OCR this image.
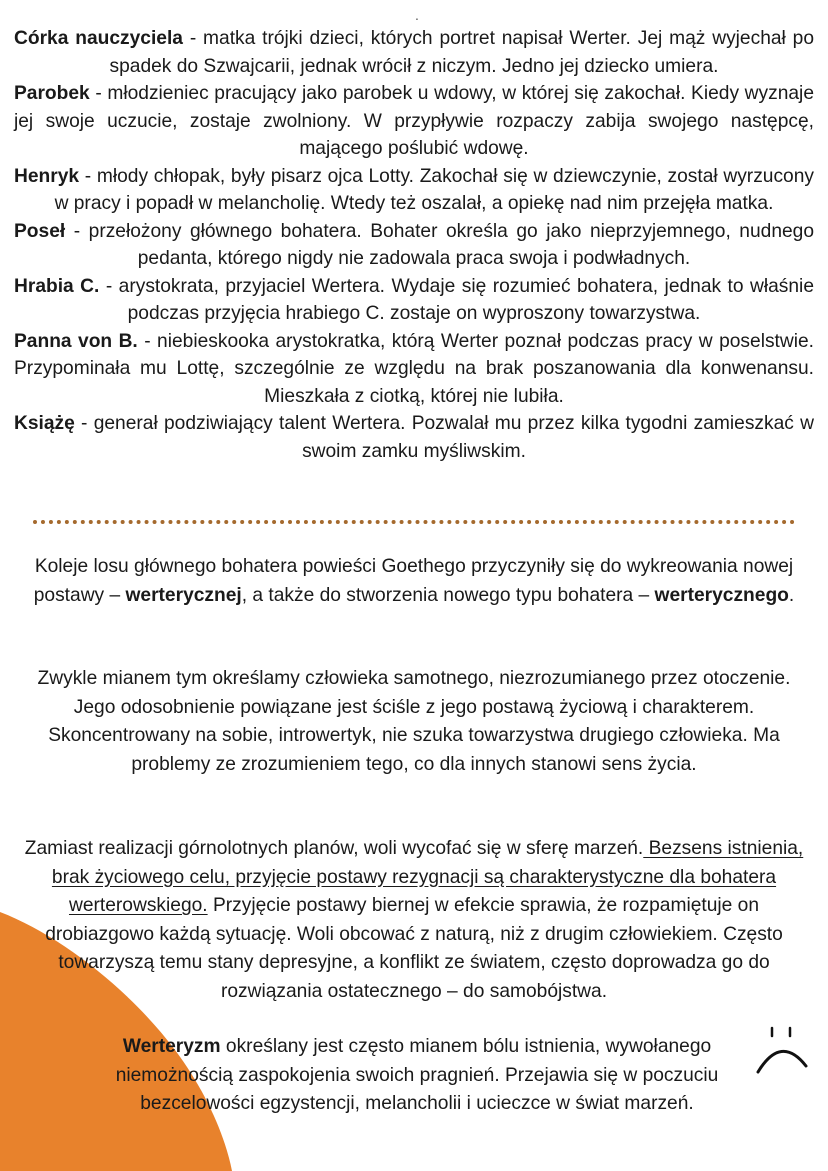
.

Córka nauczyciela - matka trójki dzieci, których portret napisał Werter. Jej mąż wyjechał po spadek do Szwajcarii, jednak wrócił z niczym. Jedno jej dziecko umiera.

Parobek - młodzieniec pracujący jako parobek u wdowy, w której się zakochał. Kiedy wyznaje jej swoje uczucie, zostaje zwolniony. W przypływie rozpaczy zabija swojego następcę, mającego poślubić wdowę.

Henryk - młody chłopak, były pisarz ojca Lotty. Zakochał się w dziewczynie, został wyrzucony w pracy i popadł w melancholię. Wtedy też oszalał, a opiekę nad nim przejęła matka.

Poseł - przełożony głównego bohatera. Bohater określa go jako nieprzyjemnego, nudnego pedanta, którego nigdy nie zadowala praca swoja i podwładnych.

Hrabia C. - arystokrata, przyjaciel Wertera. Wydaje się rozumieć bohatera, jednak to właśnie podczas przyjęcia hrabiego C. zostaje on wyproszony towarzystwa.

Panna von B. - niebieskooka arystokratka, którą Werter poznał podczas pracy w poselstwie. Przypominała mu Lottę, szczególnie ze względu na brak poszanowania dla konwenansu. Mieszkała z ciotką, której nie lubiła.

Książę - generał podziwiający talent Wertera. Pozwalał mu przez kilka tygodni zamieszkać w swoim zamku myśliwskim.

Koleje losu głównego bohatera powieści Goethego przyczyniły się do wykreowania nowej postawy – werterycznej, a także do stworzenia nowego typu bohatera – werterycznego.

Zwykle mianem tym określamy człowieka samotnego, niezrozumianego przez otoczenie. Jego odosobnienie powiązane jest ściśle z jego postawą życiową i charakterem. Skoncentrowany na sobie, introwertyk, nie szuka towarzystwa drugiego człowieka. Ma problemy ze zrozumieniem tego, co dla innych stanowi sens życia.

Zamiast realizacji górnolotnych planów, woli wycofać się w sferę marzeń. Bezsens istnienia, brak życiowego celu, przyjęcie postawy rezygnacji są charakterystyczne dla bohatera werterowskiego. Przyjęcie postawy biernej w efekcie sprawia, że rozpamiętuje on drobiazgowo każdą sytuację. Woli obcować z naturą, niż z drugim człowiekiem. Często towarzyszą temu stany depresyjne, a konflikt ze światem, często doprowadza go do rozwiązania ostatecznego – do samobójstwa.

Werteryzm określany jest często mianem bólu istnienia, wywołanego niemożnością zaspokojenia swoich pragnień. Przejawia się w poczuciu bezcelowości egzystencji, melancholii i ucieczce w świat marzeń.
